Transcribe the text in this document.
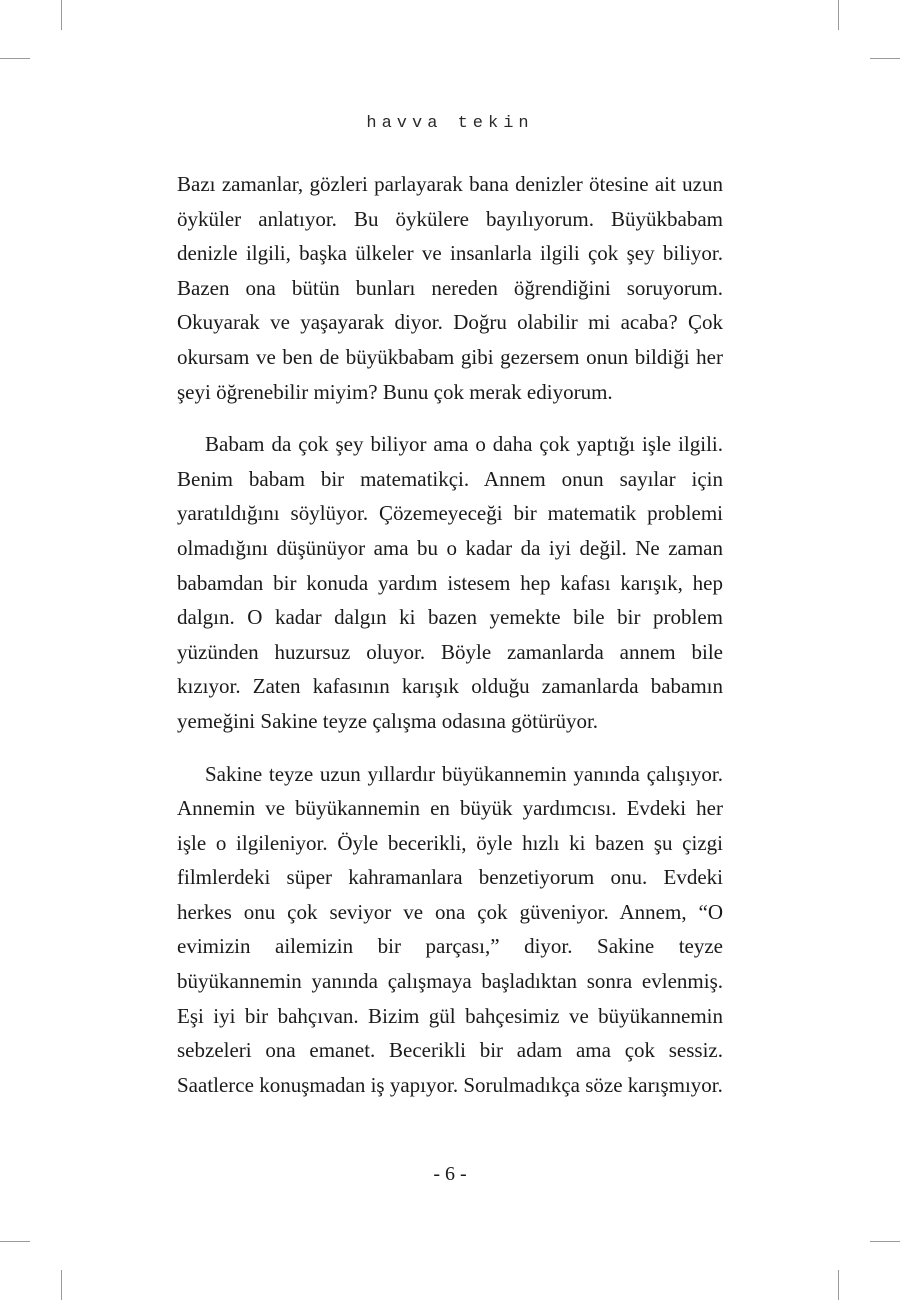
havva tekin

Bazı zamanlar, gözleri parlayarak bana denizler ötesine ait uzun öyküler anlatıyor. Bu öykülere bayılıyorum. Büyükbabam denizle ilgili, başka ülkeler ve insanlarla ilgili çok şey biliyor. Bazen ona bütün bunları nereden öğrendiğini soruyorum. Okuyarak ve yaşayarak diyor. Doğru olabilir mi acaba? Çok okursam ve ben de büyükbabam gibi gezersem onun bildiği her şeyi öğrenebilir miyim? Bunu çok merak ediyorum.

Babam da çok şey biliyor ama o daha çok yaptığı işle ilgili. Benim babam bir matematikçi. Annem onun sayılar için yaratıldığını söylüyor. Çözemeyeceği bir matematik problemi olmadığını düşünüyor ama bu o kadar da iyi değil. Ne zaman babamdan bir konuda yardım istesem hep kafası karışık, hep dalgın. O kadar dalgın ki bazen yemekte bile bir problem yüzünden huzursuz oluyor. Böyle zamanlarda annem bile kızıyor. Zaten kafasının karışık olduğu zamanlarda babamın yemeğini Sakine teyze çalışma odasına götürüyor.

Sakine teyze uzun yıllardır büyükannemin yanında çalışıyor. Annemin ve büyükannemin en büyük yardımcısı. Evdeki her işle o ilgileniyor. Öyle becerikli, öyle hızlı ki bazen şu çizgi filmlerdeki süper kahramanlara benzetiyorum onu. Evdeki herkes onu çok seviyor ve ona çok güveniyor. Annem, “O evimizin ailemizin bir parçası,” diyor. Sakine teyze büyükannemin yanında çalışmaya başladıktan sonra evlenmiş. Eşi iyi bir bahçıvan. Bizim gül bahçesimiz ve büyükannemin sebzeleri ona emanet. Becerikli bir adam ama çok sessiz. Saatlerce konuşmadan iş yapıyor. Sorulmadıkça söze karışmıyor.

- 6 -
